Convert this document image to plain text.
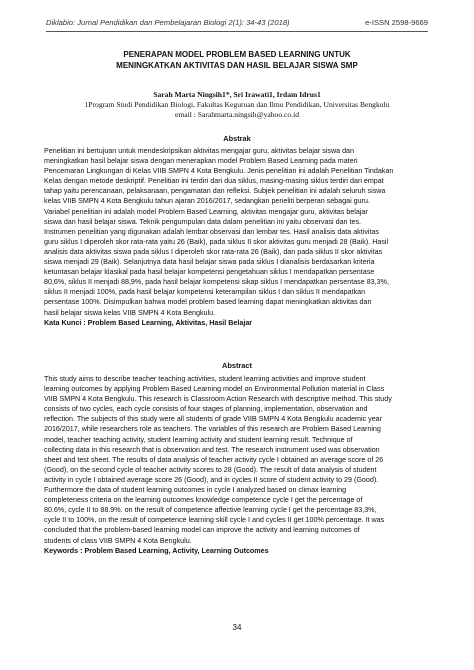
Diklabio: Jurnal Pendidikan dan Pembelajaran Biologi 2(1): 34-43 (2018)	e-ISSN 2598-9669
PENERAPAN MODEL PROBLEM BASED LEARNING UNTUK
MENINGKATKAN AKTIVITAS DAN HASIL BELAJAR SISWA SMP
Sarah Marta Ningsih1*, Sri Irawati1, Irdam Idrus1
1Program Studi Pendidikan Biologi, Fakultas Keguruan dan Ilmu Pendidikan, Universitas Bengkulu
email : Sarahmarta.ningsih@yahoo.co.id
Abstrak
Penelitian ini bertujuan untuk mendeskripsikan aktivitas mengajar guru, aktivitas belajar siswa dan
meningkatkan hasil belajar siswa dengan menerapkan model Problem Based Learning pada materi
Pencemaran Lingkungan di Kelas VIIB SMPN 4 Kota Bengkulu. Jenis penelitian ini adalah Penelitian Tindakan
Kelas dengan metode deskriptif. Penelitian ini terdiri dari dua siklus, masing-masing siklus terdiri dari empat
tahap yaitu perencanaan, pelaksanaan, pengamatan dan refleksi. Subjek penelitian ini adalah seluruh siswa
kelas VIIB SMPN 4 Kota Bengkulu tahun ajaran 2016/2017, sedangkan peneliti berperan sebagai guru.
Variabel penelitian ini adalah model Problem Based Learning, aktivitas mengajar guru, aktivitas belajar
siswa dan hasil belajar siswa. Teknik pengumpulan data dalam penelitian ini yaitu observasi dan tes.
Instrumen penelitian yang digunakan adalah lembar observasi dan lembar tes. Hasil analisis data aktivitas
guru siklus I diperoleh skor rata-rata yaitu 26 (Baik), pada siklus II skor aktivitas guru menjadi 28 (Baik). Hasil
analisis data aktivitas siswa pada siklus I diperoleh skor rata-rata 26 (Baik), dan pada siklus II skor aktivitas
siswa menjadi 29 (Baik). Selanjutnya data hasil belajar siswa pada siklus I dianalisis berdasarkan kriteria
ketuntasan belajar klasikal pada hasil belajar kompetensi pengetahuan siklus I mendapatkan persentase
80,6%, siklus II menjadi 88,9%, pada hasil belajar kompetensi sikap siklus I mendapatkan persentase 83,3%,
siklus II menjadi 100%, pada hasil belajar kompetensi keterampilan siklus I dan siklus II mendapatkan
persentase 100%. Disimpulkan bahwa model problem based learning dapat meningkatkan aktivitas dan
hasil belajar siswa kelas VIIB SMPN 4 Kota Bengkulu.
Kata Kunci : Problem Based Learning, Aktivitas, Hasil Belajar
Abstract
This study aims to describe teacher teaching activities, student learning activities and improve student
learning outcomes by applying Problem Based Learning model on Environmental Pollution material in Class
VIIB SMPN 4 Kota Bengkulu. This research is Classroom Action Research with descriptive method. This study
consists of two cycles, each cycle consists of four stages of planning, implementation, observation and
reflection. The subjects of this study were all students of grade VIIB SMPN 4 Kota Bengkulu academic year
2016/2017, while researchers role as teachers. The variables of this research are Problem Based Learning
model, teacher teaching activity, student learning activity and student learning result. Technique of
collecting data in this research that is observation and test. The research instrument used was observation
sheet and test sheet. The results of data analysis of teacher activity cycle I obtained an average score of 26
(Good), on the second cycle of teacher activity scores to 28 (Good). The result of data analysis of student
activity in cycle I obtained average score 26 (Good), and in cycles II score of student activity to 29 (Good).
Furthermore the data of student learning outcomes in cycle I analyzed based on climax learning
completeness criteria on the learning outcomes knowledge competence cycle I get the percentage of
80.6%, cycle II to 88.9%. on the result of competence affective learning cycle I get the percentage 83,3%,
cycle II to 100%, on the result of competence learning skill cycle I and cycles II get 100% percentage. It was
concluded that the problem-based learning model can improve the activity and learning outcomes of
students of class VIIB SMPN 4 Kota Bengkulu.
Keywords : Problem Based Learning, Activity, Learning Outcomes
34
